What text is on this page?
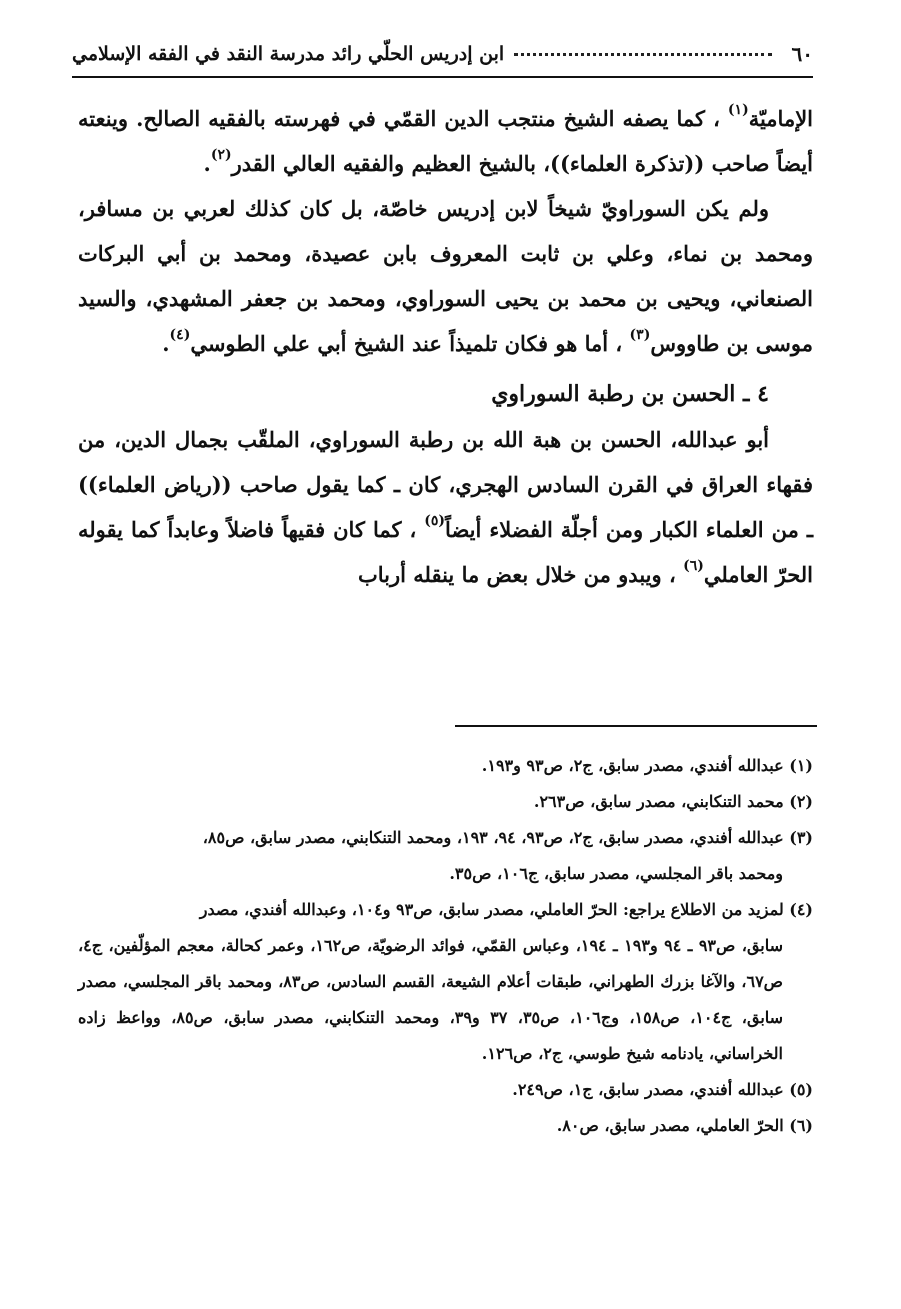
٦٠
ابن إدريس الحلّي رائد مدرسة النقد في الفقه الإسلامي

الإماميّة$^{(١)}$ ، كما يصفه الشيخ منتجب الدين القمّي في فهرسته بالفقيه الصالح. وينعته أيضاً صاحب ((تذكرة العلماء))، بالشيخ العظيم والفقيه العالي القدر$^{(٢)}$.

ولم يكن السوراويّ شيخاً لابن إدريس خاصّة، بل كان كذلك لعربي بن مسافر، ومحمد بن نماء، وعلي بن ثابت المعروف بابن عصيدة، ومحمد بن أبي البركات الصنعاني، ويحيى بن محمد بن يحيى السوراوي، ومحمد بن جعفر المشهدي، والسيد موسى بن طاووس$^{(٣)}$ ، أما هو فكان تلميذاً عند الشيخ أبي علي الطوسي$^{(٤)}$.

٤ ـ الحسن بن رطبة السوراوي

أبو عبدالله، الحسن بن هبة الله بن رطبة السوراوي، الملقّب بجمال الدين، من فقهاء العراق في القرن السادس الهجري، كان ـ كما يقول صاحب ((رياض العلماء)) ـ من العلماء الكبار ومن أجلّة الفضلاء أيضاً$^{(٥)}$ ، كما كان فقيهاً فاضلاً وعابداً كما يقوله الحرّ العاملي$^{(٦)}$ ، ويبدو من خلال بعض ما ينقله أرباب

(١) عبدالله أفندي، مصدر سابق، ج٢، ص٩٣ و١٩٣.

(٢) محمد التنكابني، مصدر سابق، ص٢٦٣.

(٣) عبدالله أفندي، مصدر سابق، ج٢، ص٩٣، ٩٤، ١٩٣، ومحمد التنكابني، مصدر سابق، ص٨٥،
ومحمد باقر المجلسي، مصدر سابق، ج١٠٦، ص٣٥.

(٤) لمزيد من الاطلاع يراجع: الحرّ العاملي، مصدر سابق، ص٩٣ و١٠٤، وعبدالله أفندي، مصدر
سابق، ص٩٣ ـ ٩٤ و١٩٣ ـ ١٩٤، وعباس القمّي، فوائد الرضويّة، ص١٦٢، وعمر كحالة، معجم المؤلّفين، ج٤، ص٦٧، والآغا بزرك الطهراني، طبقات أعلام الشيعة، القسم السادس، ص٨٣، ومحمد باقر المجلسي، مصدر سابق، ج١٠٤، ص١٥٨، وج١٠٦، ص٣٥، ٣٧ و٣٩، ومحمد التنكابني، مصدر سابق، ص٨٥، وواعظ زاده الخراساني، يادنامه شيخ طوسي، ج٢، ص١٢٦.

(٥) عبدالله أفندي، مصدر سابق، ج١، ص٢٤٩.

(٦) الحرّ العاملي، مصدر سابق، ص٨٠.
